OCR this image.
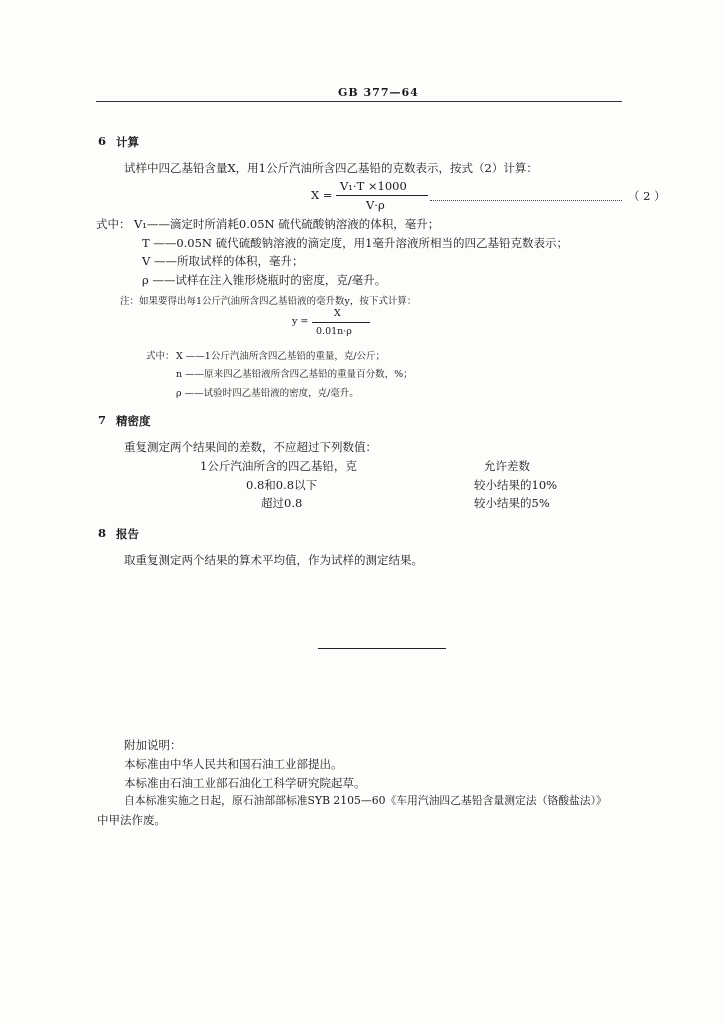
GB 377—64
6 计算
试样中四乙基铅含量X，用1公斤汽油所含四乙基铅的克数表示，按式（2）计算：
X =
V₁·T ×1000
V·ρ
（ 2 ）
式中： V₁——滴定时所消耗0.05N 硫代硫酸钠溶液的体积，毫升；
T ——0.05N 硫代硫酸钠溶液的滴定度，用1毫升溶液所相当的四乙基铅克数表示；
V ——所取试样的体积，毫升；
ρ ——试样在注入锥形烧瓶时的密度，克/毫升。
注：如果要得出每1公斤汽油所含四乙基铅液的毫升数y，按下式计算：
y =
X
0.01n·ρ
式中： X ——1公斤汽油所含四乙基铅的重量，克/公斤；
n ——原来四乙基铅液所含四乙基铅的重量百分数，%；
ρ ——试验时四乙基铅液的密度，克/毫升。
7 精密度
重复测定两个结果间的差数，不应超过下列数值：
1公斤汽油所含的四乙基铅，克	允许差数
0.8和0.8以下	较小结果的10%
超过0.8	较小结果的5%
8 报告
取重复测定两个结果的算术平均值，作为试样的测定结果。
附加说明：
本标准由中华人民共和国石油工业部提出。
本标准由石油工业部石油化工科学研究院起草。
自本标准实施之日起，原石油部部标准SYB 2105—60《车用汽油四乙基铅含量测定法（铬酸盐法）》
中甲法作废。
